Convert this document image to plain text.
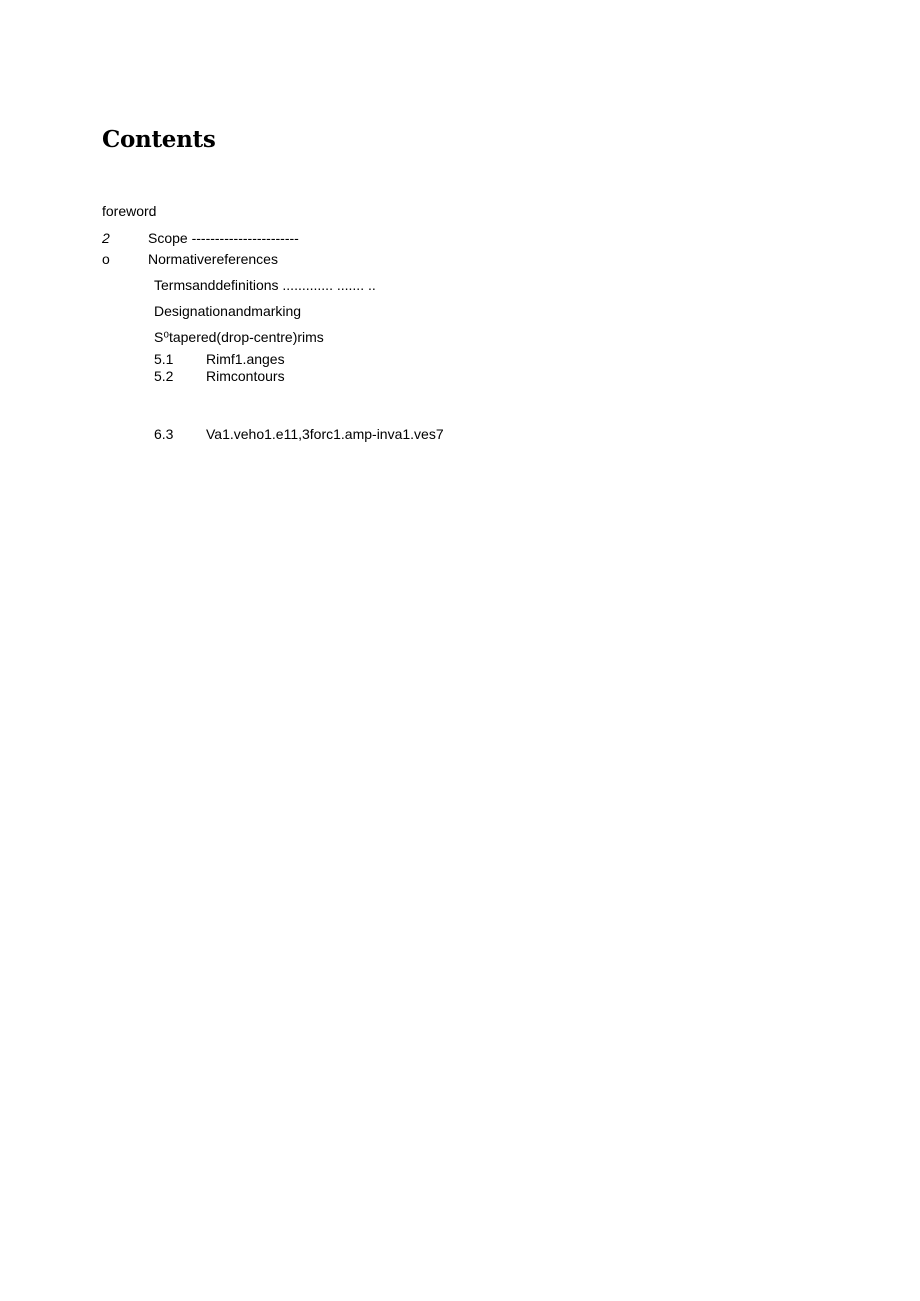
Contents
foreword
2	Scope -----------------------
o	Normativereferences
Termsanddefinitions ............. ....... ..
Designationandmarking
S⁰tapered(drop-centre)rims
5.1 Rimf1.anges
5.2 Rimcontours
6.3 Va1.veho1.e11,3forc1.amp-inva1.ves7
